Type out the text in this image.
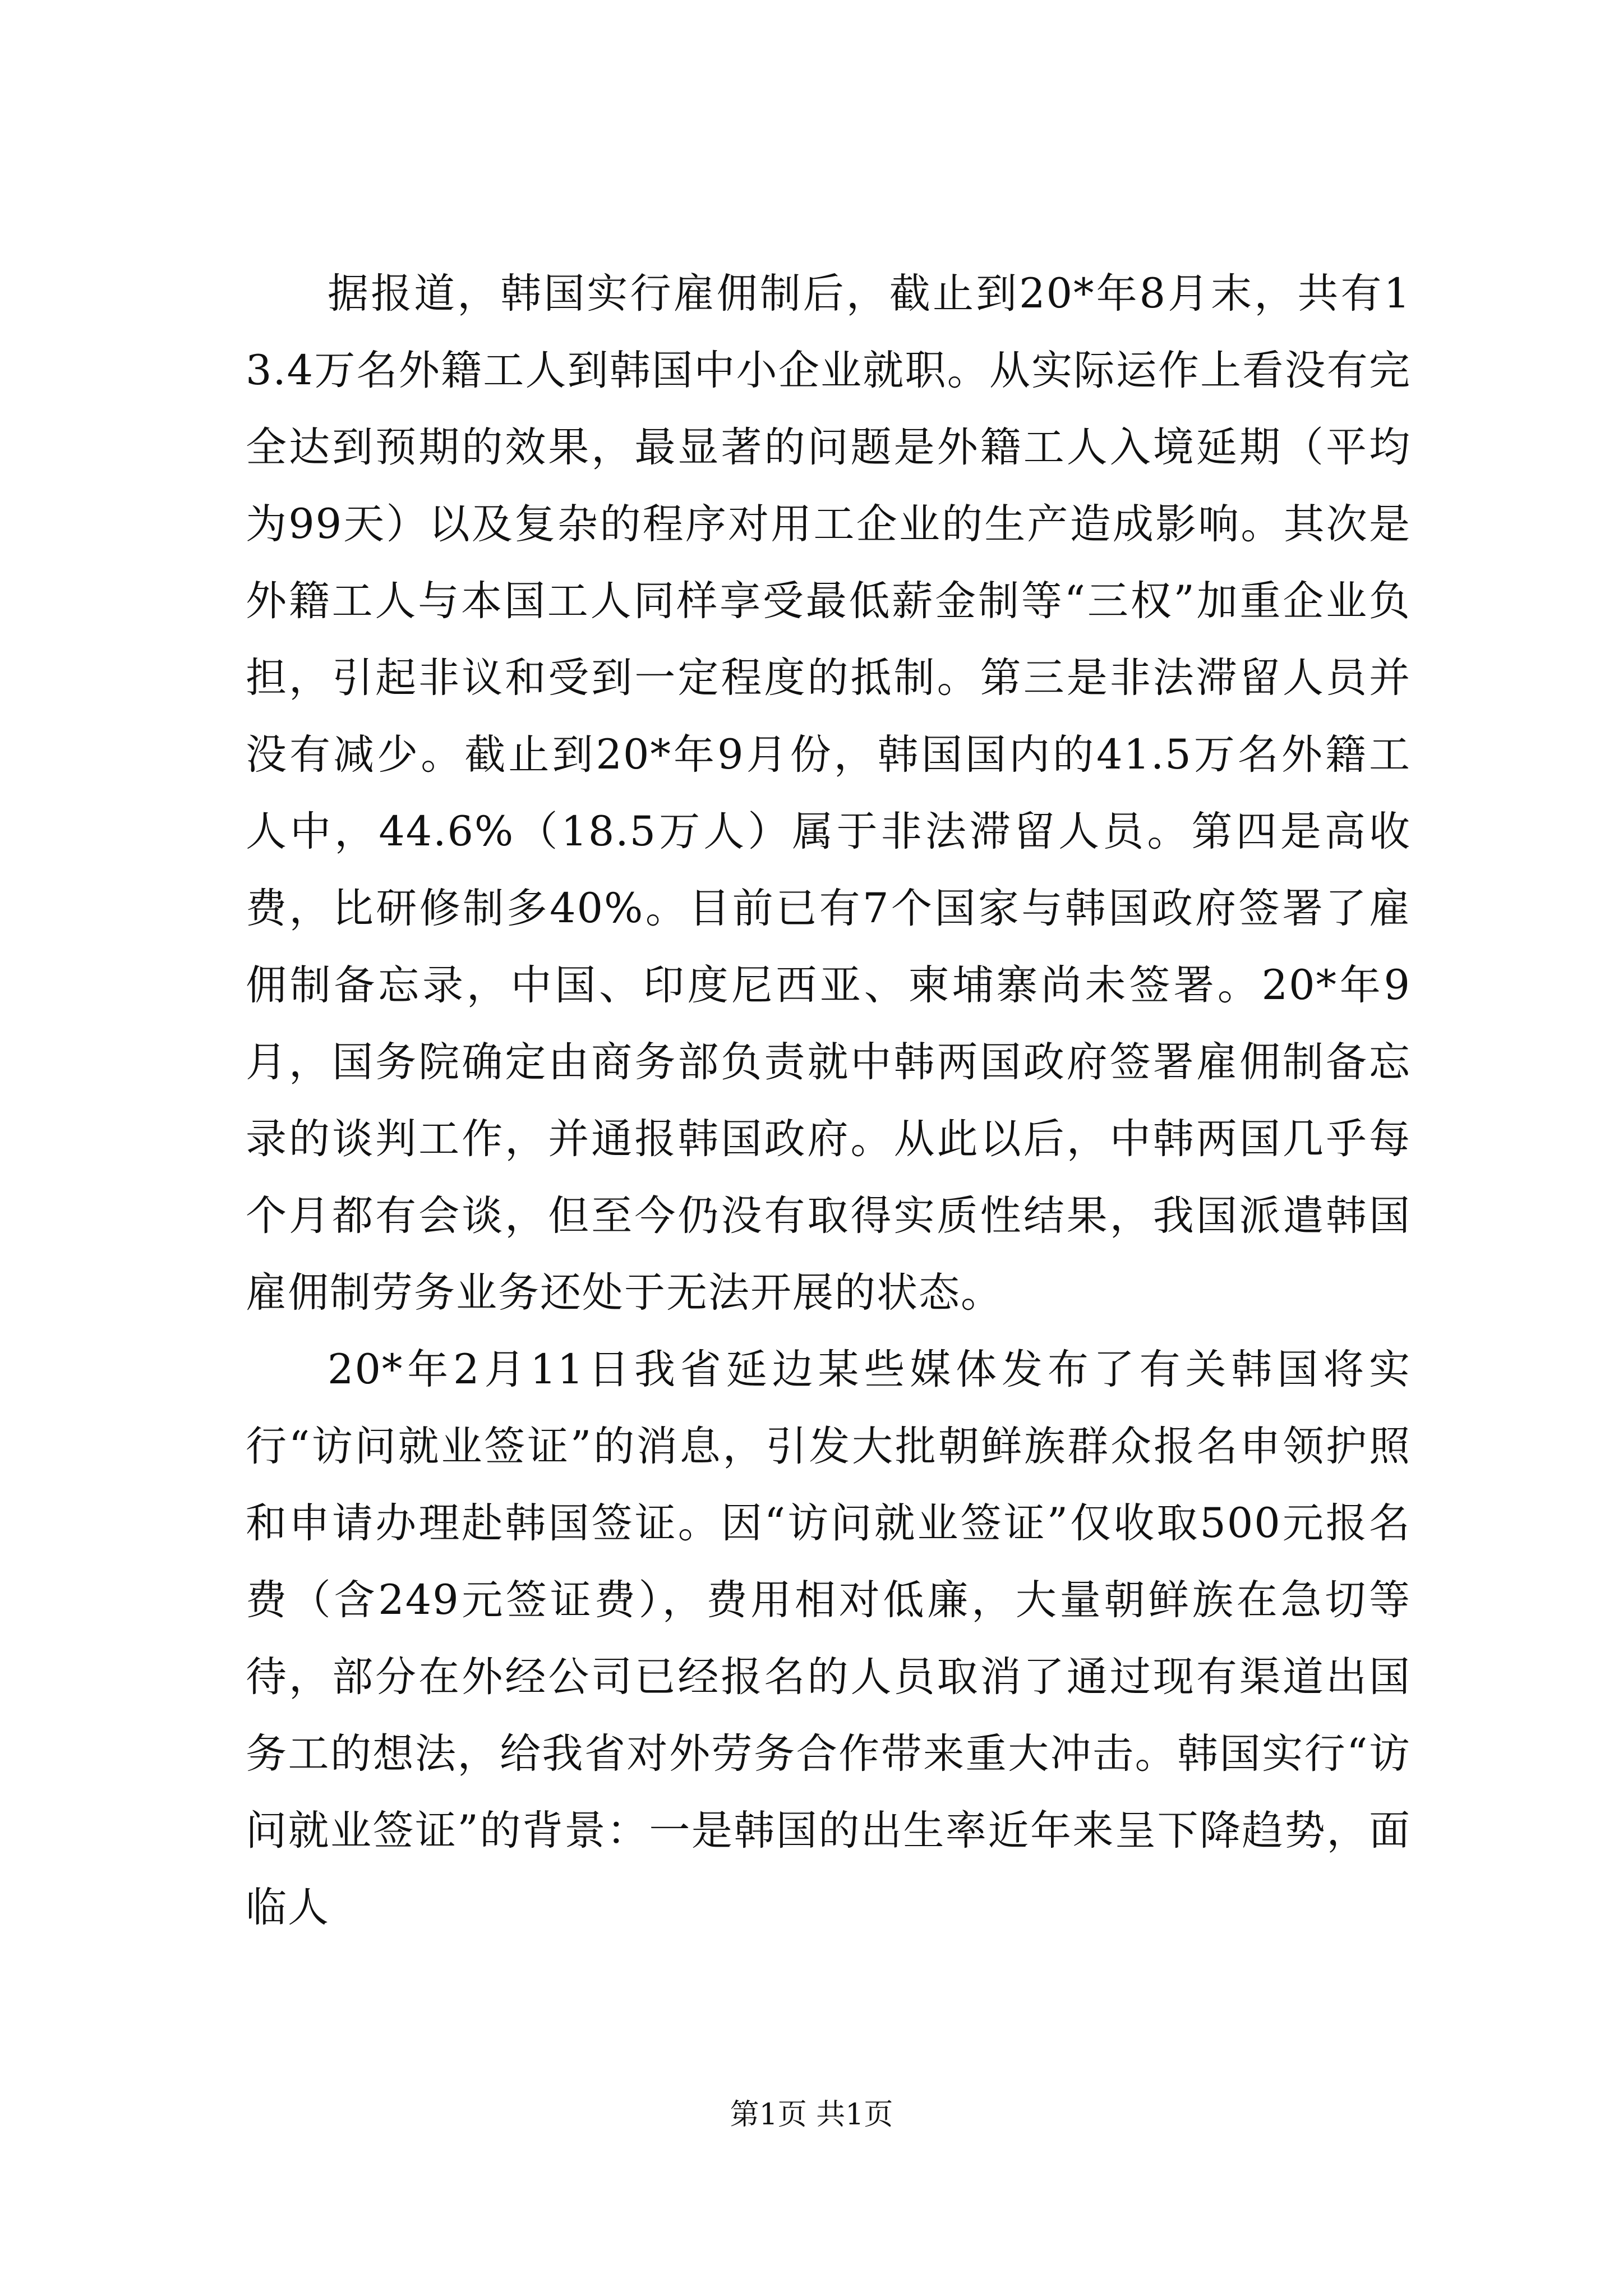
据报道，韩国实行雇佣制后，截止到20*年8月末，共有13.4万名外籍工人到韩国中小企业就职。从实际运作上看没有完全达到预期的效果，最显著的问题是外籍工人入境延期（平均为99天）以及复杂的程序对用工企业的生产造成影响。其次是外籍工人与本国工人同样享受最低薪金制等“三权”加重企业负担，引起非议和受到一定程度的抵制。第三是非法滞留人员并没有减少。截止到20*年9月份，韩国国内的41.5万名外籍工人中，44.6%（18.5万人）属于非法滞留人员。第四是高收费，比研修制多40%。目前已有7个国家与韩国政府签署了雇佣制备忘录，中国、印度尼西亚、柬埔寨尚未签署。20*年9月，国务院确定由商务部负责就中韩两国政府签署雇佣制备忘录的谈判工作，并通报韩国政府。从此以后，中韩两国几乎每个月都有会谈，但至今仍没有取得实质性结果，我国派遣韩国雇佣制劳务业务还处于无法开展的状态。

20*年2月11日我省延边某些媒体发布了有关韩国将实行“访问就业签证”的消息，引发大批朝鲜族群众报名申领护照和申请办理赴韩国签证。因“访问就业签证”仅收取500元报名费（含249元签证费），费用相对低廉，大量朝鲜族在急切等待，部分在外经公司已经报名的人员取消了通过现有渠道出国务工的想法，给我省对外劳务合作带来重大冲击。韩国实行“访问就业签证”的背景：一是韩国的出生率近年来呈下降趋势，面临人

第1页 共1页
